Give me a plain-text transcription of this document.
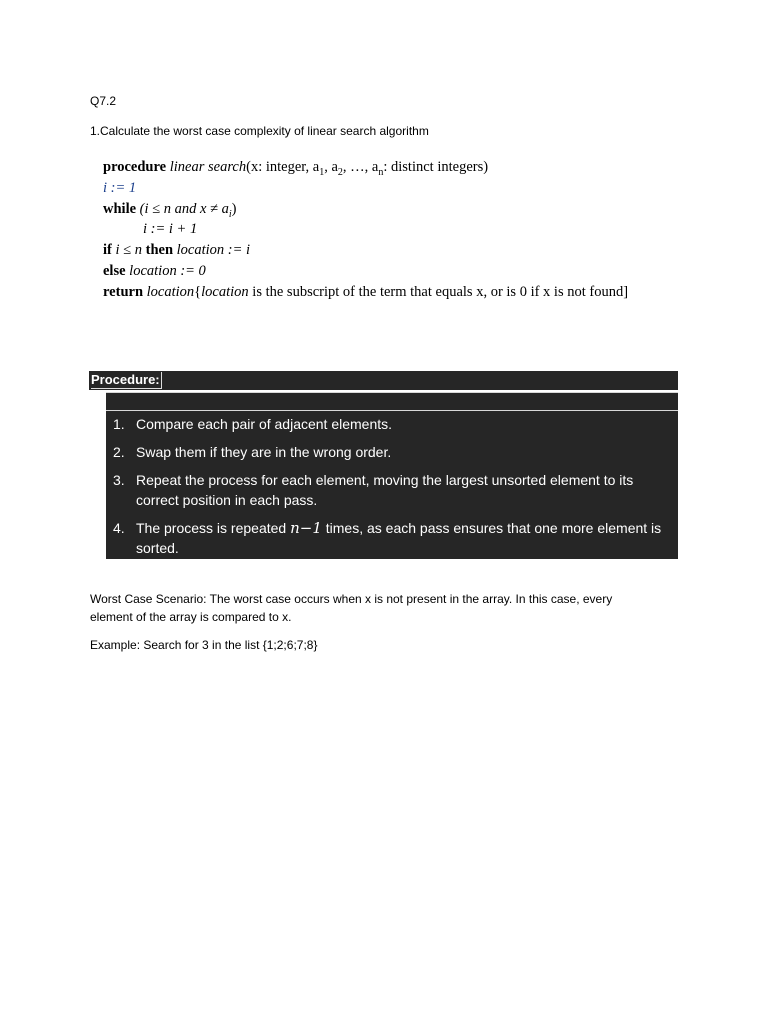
Q7.2
1.Calculate the worst case complexity of linear search algorithm
procedure linear search(x: integer, $a_1$, $a_2$, …, $a_n$: distinct integers)
i := 1
while (i ≤ n and $x \ne a_i$)
i := i + 1
if i ≤ n then location := i
else location := 0
return location{location is the subscript of the term that equals x, or is 0 if x is not found]
Procedure:
1. Compare each pair of adjacent elements.
2. Swap them if they are in the wrong order.
3. Repeat the process for each element, moving the largest unsorted element to its correct position in each pass.
4. The process is repeated n−1 times, as each pass ensures that one more element is sorted.
Worst Case Scenario: The worst case occurs when x is not present in the array. In this case, every element of the array is compared to x.
Example: Search for 3 in the list {1;2;6;7;8}
